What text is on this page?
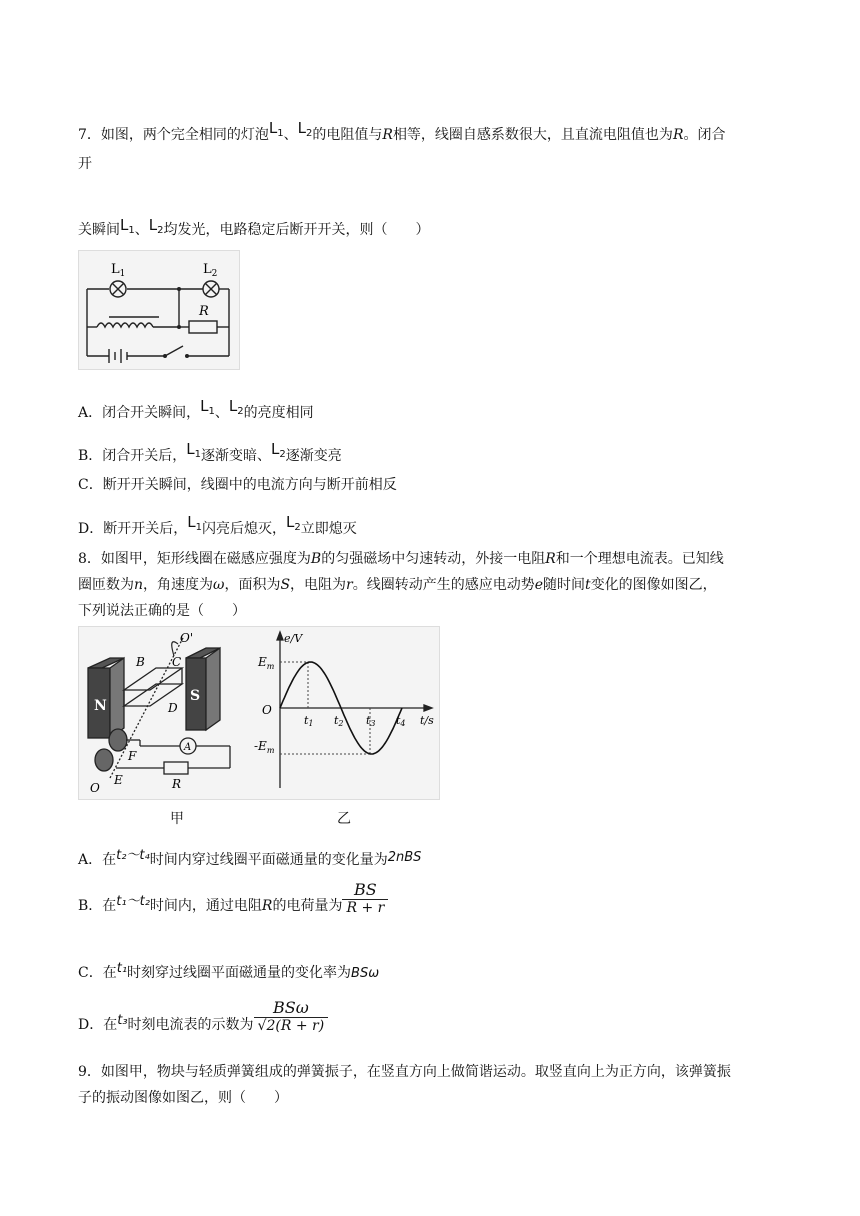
7．如图，两个完全相同的灯泡$L_1$、$L_2$的电阻值与R相等，线圈自感系数很大，且直流电阻值也为R。闭合
开
关瞬间$L_1$、$L_2$均发光，电路稳定后断开开关，则（　　）
$L_1$	$L_2$
R
A．闭合开关瞬间，$L_1$、$L_2$的亮度相同
B．闭合开关后，$L_1$逐渐变暗、$L_2$逐渐变亮
C．断开开关瞬间，线圈中的电流方向与断开前相反
D．断开开关后，$L_1$闪亮后熄灭，$L_2$立即熄灭
8．如图甲，矩形线圈在磁感应强度为B的匀强磁场中匀速转动，外接一电阻R和一个理想电流表。已知线
圈匝数为n，角速度为ω，面积为S，电阻为r。线圈转动产生的感应电动势e随时间t变化的图像如图乙，
下列说法正确的是（　　）
O'
B C
N
S
D
A
F
E	R
O
e/V
t/s
$E_m$
O
$-E_m$
t1 t2 t3 t4
甲	乙
A．在t₂～t₄时间内穿过线圈平面磁通量的变化量为2nBS
B．在t₁～t₂时间内，通过电阻R的电荷量为 $\frac{BS}{R + r}$
C．在t₁时刻穿过线圈平面磁通量的变化率为BSω
D．在t₃时刻电流表的示数为 $\frac{\text{BSω}}{√2(R + r)}$
9．如图甲，物块与轻质弹簧组成的弹簧振子，在竖直方向上做简谐运动。取竖直向上为正方向，该弹簧振
子的振动图像如图乙，则（　　）
